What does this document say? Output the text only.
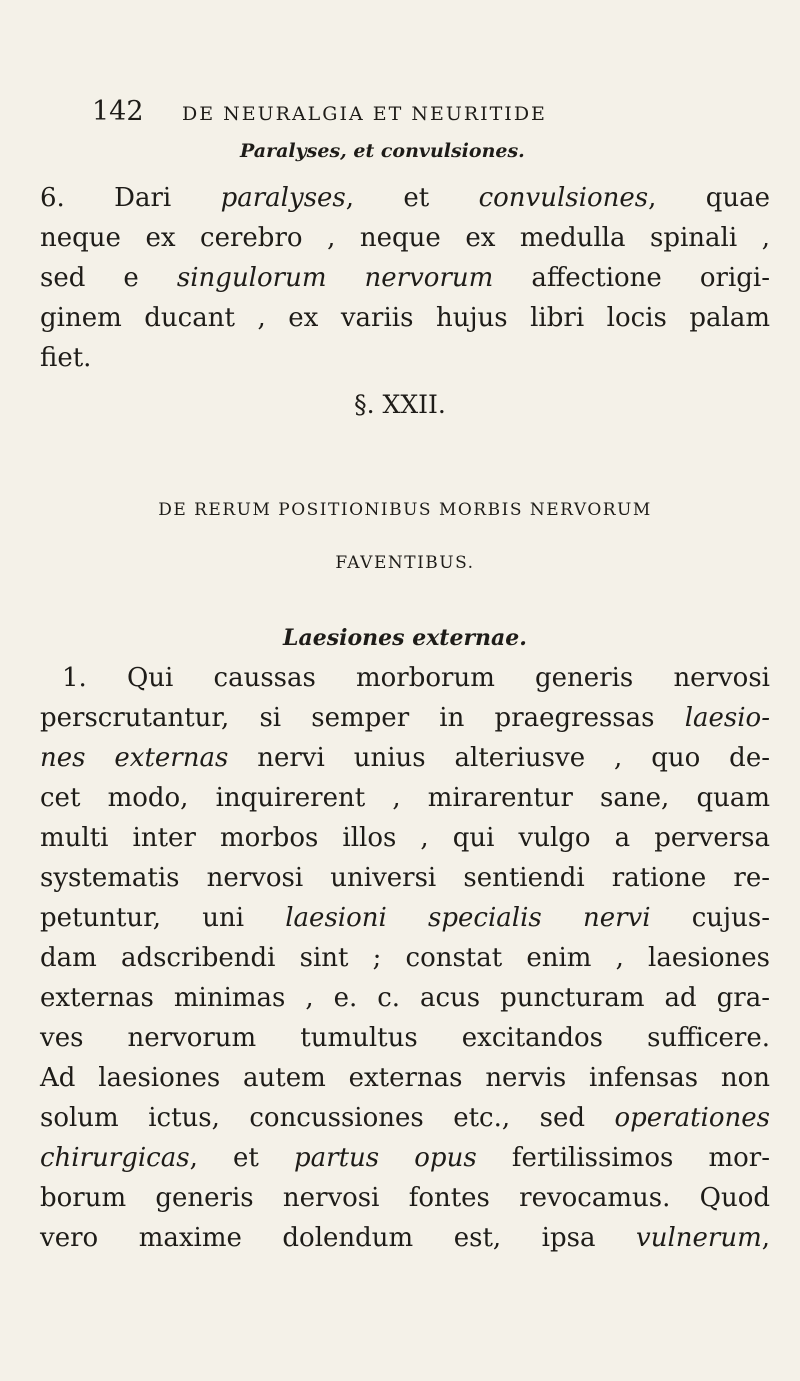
142	DE NEURALGIA ET NEURITIDE
Paralyses, et convulsiones.
6. Dari paralyses, et convulsiones, quae
neque ex cerebro , neque ex medulla spinali ,
sed e singulorum nervorum affectione origi-
ginem ducant , ex variis hujus libri locis palam
fiet.
§. XXII.
DE RERUM POSITIONIBUS MORBIS NERVORUM
FAVENTIBUS.
Laesiones externae.
1. Qui caussas morborum generis nervosi
perscrutantur, si semper in praegressas laesio-
nes externas nervi unius alteriusve , quo de-
cet modo, inquirerent , mirarentur sane, quam
multi inter morbos illos , qui vulgo a perversa
systematis nervosi universi sentiendi ratione re-
petuntur, uni laesioni specialis nervi cujus-
dam adscribendi sint ; constat enim , laesiones
externas minimas , e. c. acus puncturam ad gra-
ves nervorum tumultus excitandos sufficere.
Ad laesiones autem externas nervis infensas non
solum ictus, concussiones etc., sed operationes
chirurgicas, et partus opus fertilissimos mor-
borum generis nervosi fontes revocamus. Quod
vero maxime dolendum est, ipsa vulnerum,
